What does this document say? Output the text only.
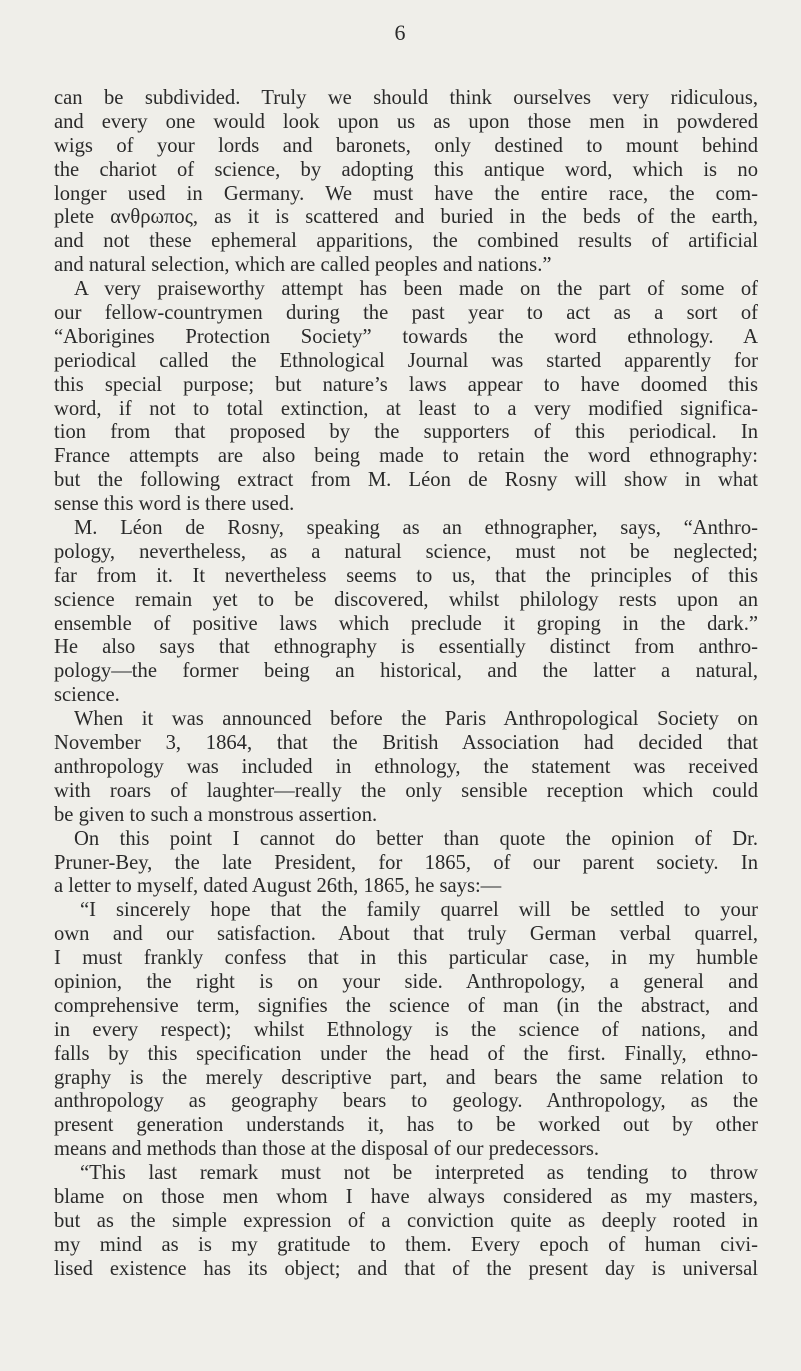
6
can be subdivided. Truly we should think ourselves very ridiculous,
and every one would look upon us as upon those men in powdered
wigs of your lords and baronets, only destined to mount behind
the chariot of science, by adopting this antique word, which is no
longer used in Germany. We must have the entire race, the com-
plete ανθρωπος, as it is scattered and buried in the beds of the earth,
and not these ephemeral apparitions, the combined results of artificial
and natural selection, which are called peoples and nations.”
A very praiseworthy attempt has been made on the part of some of
our fellow-countrymen during the past year to act as a sort of
“Aborigines Protection Society” towards the word ethnology. A
periodical called the Ethnological Journal was started apparently for
this special purpose; but nature’s laws appear to have doomed this
word, if not to total extinction, at least to a very modified significa-
tion from that proposed by the supporters of this periodical. In
France attempts are also being made to retain the word ethnography:
but the following extract from M. Léon de Rosny will show in what
sense this word is there used.
M. Léon de Rosny, speaking as an ethnographer, says, “Anthro-
pology, nevertheless, as a natural science, must not be neglected;
far from it. It nevertheless seems to us, that the principles of this
science remain yet to be discovered, whilst philology rests upon an
ensemble of positive laws which preclude it groping in the dark.”
He also says that ethnography is essentially distinct from anthro-
pology—the former being an historical, and the latter a natural,
science.
When it was announced before the Paris Anthropological Society on
November 3, 1864, that the British Association had decided that
anthropology was included in ethnology, the statement was received
with roars of laughter—really the only sensible reception which could
be given to such a monstrous assertion.
On this point I cannot do better than quote the opinion of Dr.
Pruner-Bey, the late President, for 1865, of our parent society. In
a letter to myself, dated August 26th, 1865, he says:—
“I sincerely hope that the family quarrel will be settled to your
own and our satisfaction. About that truly German verbal quarrel,
I must frankly confess that in this particular case, in my humble
opinion, the right is on your side. Anthropology, a general and
comprehensive term, signifies the science of man (in the abstract, and
in every respect); whilst Ethnology is the science of nations, and
falls by this specification under the head of the first. Finally, ethno-
graphy is the merely descriptive part, and bears the same relation to
anthropology as geography bears to geology. Anthropology, as the
present generation understands it, has to be worked out by other
means and methods than those at the disposal of our predecessors.
“This last remark must not be interpreted as tending to throw
blame on those men whom I have always considered as my masters,
but as the simple expression of a conviction quite as deeply rooted in
my mind as is my gratitude to them. Every epoch of human civi-
lised existence has its object; and that of the present day is universal
